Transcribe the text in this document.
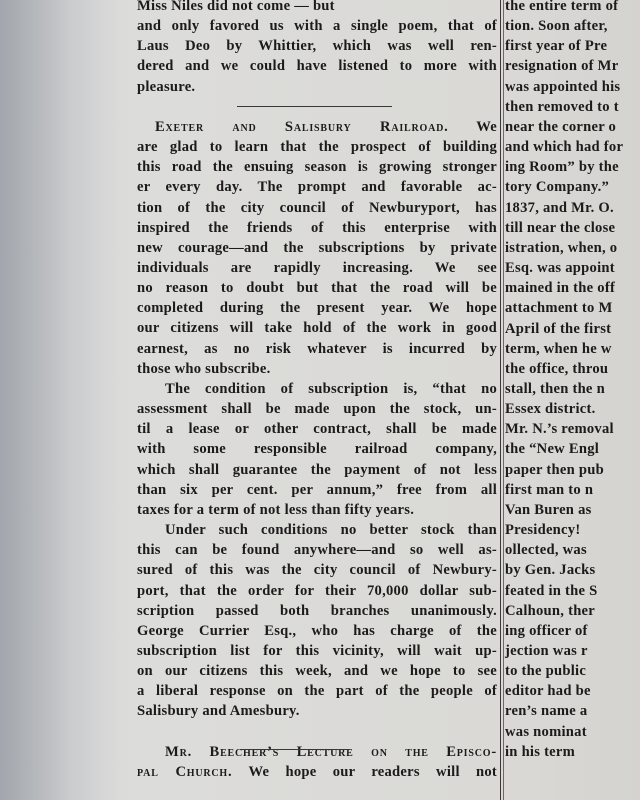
Miss Niles did not come — but
and only favored us with a single poem, that of
Laus Deo by Whittier, which was well ren-
dered and we could have listened to more with
pleasure.
Exeter and Salisbury Railroad. We
are glad to learn that the prospect of building
this road the ensuing season is growing stronger
er every day. The prompt and favorable ac-
tion of the city council of Newburyport, has
inspired the friends of this enterprise with
new courage—and the subscriptions by private
individuals are rapidly increasing. We see
no reason to doubt but that the road will be
completed during the present year. We hope
our citizens will take hold of the work in good
earnest, as no risk whatever is incurred by
those who subscribe.
The condition of subscription is, “that no
assessment shall be made upon the stock, un-
til a lease or other contract, shall be made
with some responsible railroad company,
which shall guarantee the payment of not less
than six per cent. per annum,” free from all
taxes for a term of not less than fifty years.
Under such conditions no better stock than
this can be found anywhere—and so well as-
sured of this was the city council of Newbury-
port, that the order for their 70,000 dollar sub-
scription passed both branches unanimously.
George Currier Esq., who has charge of the
subscription list for this vicinity, will wait up-
on our citizens this week, and we hope to see
a liberal response on the part of the people of
Salisbury and Amesbury.

Mr. Beecher’s Lecture on the Episco-
pal Church. We hope our readers will not
the entire term of
tion. Soon after,
first year of Pre
resignation of Mr
was appointed his
then removed to t
near the corner o
and which had for
ing Room” by the
tory Company.”
1837, and Mr. O.
till near the close
istration, when, o
Esq. was appoint
mained in the off
attachment to M
April of the first
term, when he w
the office, throu
stall, then the n
Essex district.
Mr. N.’s removal
the “New Engl
paper then pub
first man to n
Van Buren as
Presidency!
ollected, was
by Gen. Jacks
feated in the S
Calhoun, ther
ing officer of
jection was r
to the public
editor had be
ren’s name a
was nominat
in his term
